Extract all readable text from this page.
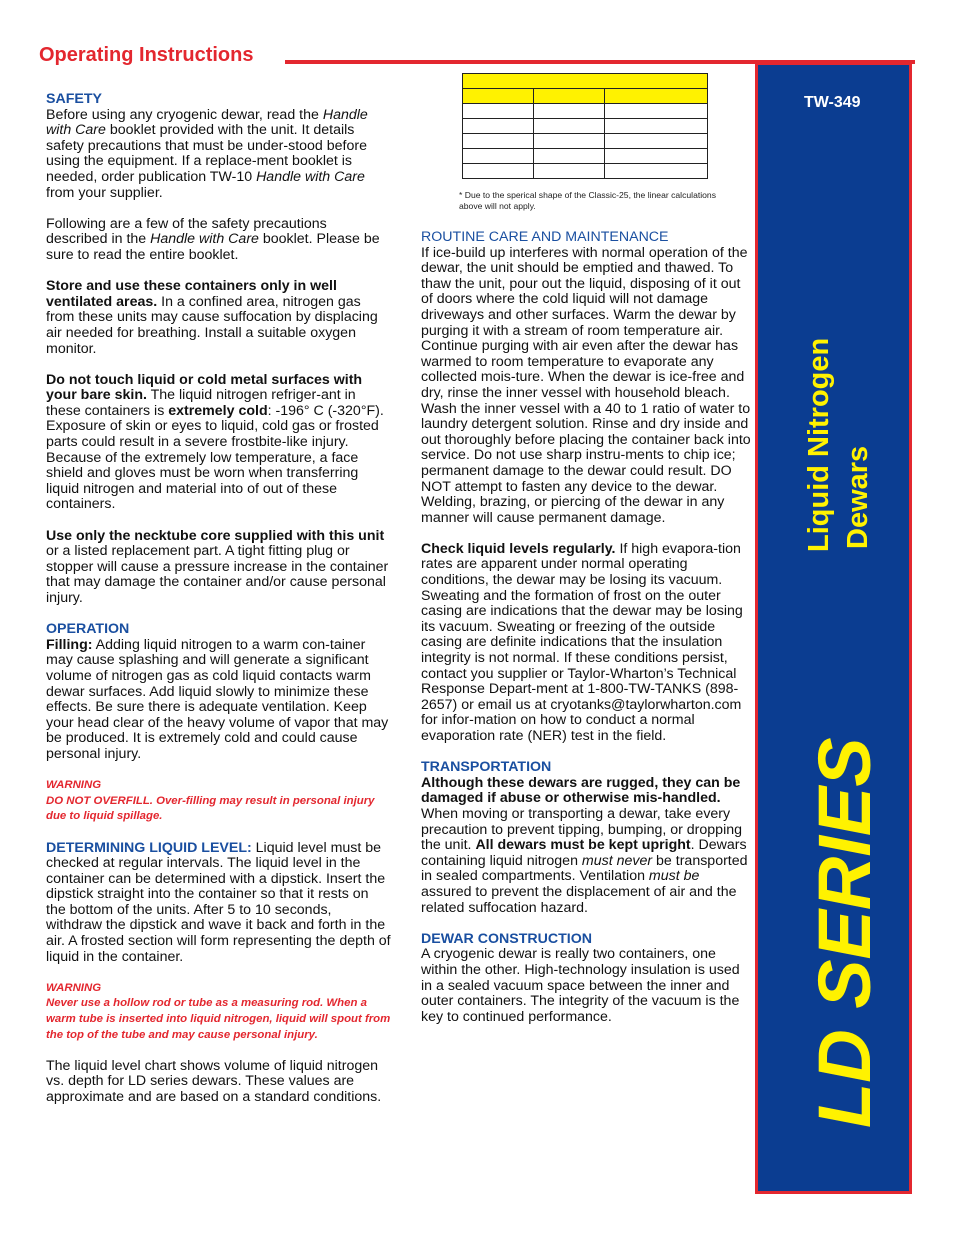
Operating Instructions

SAFETY
Before using any cryogenic dewar, read the Handle with Care booklet provided with the unit. It details safety precautions that must be under-stood before using the equipment. If a replace-ment booklet is needed, order publication TW-10 Handle with Care from your supplier.

Following are a few of the safety precautions described in the Handle with Care booklet. Please be sure to read the entire booklet.

Store and use these containers only in well ventilated areas. In a confined area, nitrogen gas from these units may cause suffocation by displacing air needed for breathing. Install a suitable oxygen monitor.

Do not touch liquid or cold metal surfaces with your bare skin. The liquid nitrogen refriger-ant in these containers is extremely cold: -196° C (-320°F). Exposure of skin or eyes to liquid, cold gas or frosted parts could result in a severe frostbite-like injury. Because of the extremely low temperature, a face shield and gloves must be worn when transferring liquid nitrogen and material into of out of these containers.

Use only the necktube core supplied with this unit or a listed replacement part. A tight fitting plug or stopper will cause a pressure increase in the container that may damage the container and/or cause personal injury.

OPERATION
Filling: Adding liquid nitrogen to a warm con-tainer may cause splashing and will generate a significant volume of nitrogen gas as cold liquid contacts warm dewar surfaces. Add liquid slowly to minimize these effects. Be sure there is adequate ventilation. Keep your head clear of the heavy volume of vapor that may be produced. It is extremely cold and could cause personal injury.

WARNING
DO NOT OVERFILL. Over-filling may result in personal injury due to liquid spillage.

DETERMINING LIQUID LEVEL: Liquid level must be checked at regular intervals. The liquid level in the container can be determined with a dipstick. Insert the dipstick straight into the container so that it rests on the bottom of the units. After 5 to 10 seconds, withdraw the dipstick and wave it back and forth in the air. A frosted section will form representing the depth of liquid in the container.

WARNING
Never use a hollow rod or tube as a measuring rod. When a warm tube is inserted into liquid nitrogen, liquid will spout from the top of the tube and may cause personal injury.

The liquid level chart shows volume of liquid nitrogen vs. depth for LD series dewars. These values are approximate and are based on a standard conditions.

* Due to the sperical shape of the Classic-25, the linear calculations above will not apply.

ROUTINE CARE AND MAINTENANCE
If ice-build up interferes with normal operation of the dewar, the unit should be emptied and thawed. To thaw the unit, pour out the liquid, disposing of it out of doors where the cold liquid will not damage driveways and other surfaces. Warm the dewar by purging it with a stream of room temperature air. Continue purging with air even after the dewar has warmed to room temperature to evaporate any collected mois-ture. When the dewar is ice-free and dry, rinse the inner vessel with household bleach. Wash the inner vessel with a 40 to 1 ratio of water to laundry detergent solution. Rinse and dry inside and out thoroughly before placing the container back into service. Do not use sharp instru-ments to chip ice; permanent damage to the dewar could result. DO NOT attempt to fasten any device to the dewar. Welding, brazing, or piercing of the dewar in any manner will cause permanent damage.

Check liquid levels regularly. If high evapora-tion rates are apparent under normal operating conditions, the dewar may be losing its vacuum. Sweating and the formation of frost on the outer casing are indications that the dewar may be losing its vacuum. Sweating or freezing of the outside casing are definite indications that the insulation integrity is not normal. If these conditions persist, contact you supplier or Taylor-Wharton’s Technical Response Depart-ment at 1-800-TW-TANKS (898-2657) or email us at cryotanks@taylorwharton.com for infor-mation on how to conduct a normal evaporation rate (NER) test in the field.

TRANSPORTATION
Although these dewars are rugged, they can be damaged if abuse or otherwise mis-handled. When moving or transporting a dewar, take every precaution to prevent tipping, bumping, or dropping the unit. All dewars must be kept upright. Dewars containing liquid nitrogen must never be transported in sealed compartments. Ventilation must be assured to prevent the displacement of air and the related suffocation hazard.

DEWAR CONSTRUCTION
A cryogenic dewar is really two containers, one within the other. High-technology insulation is used in a sealed vacuum space between the inner and outer containers. The integrity of the vacuum is the key to continued performance.

TW-349
Liquid Nitrogen Dewars
LD SERIES
